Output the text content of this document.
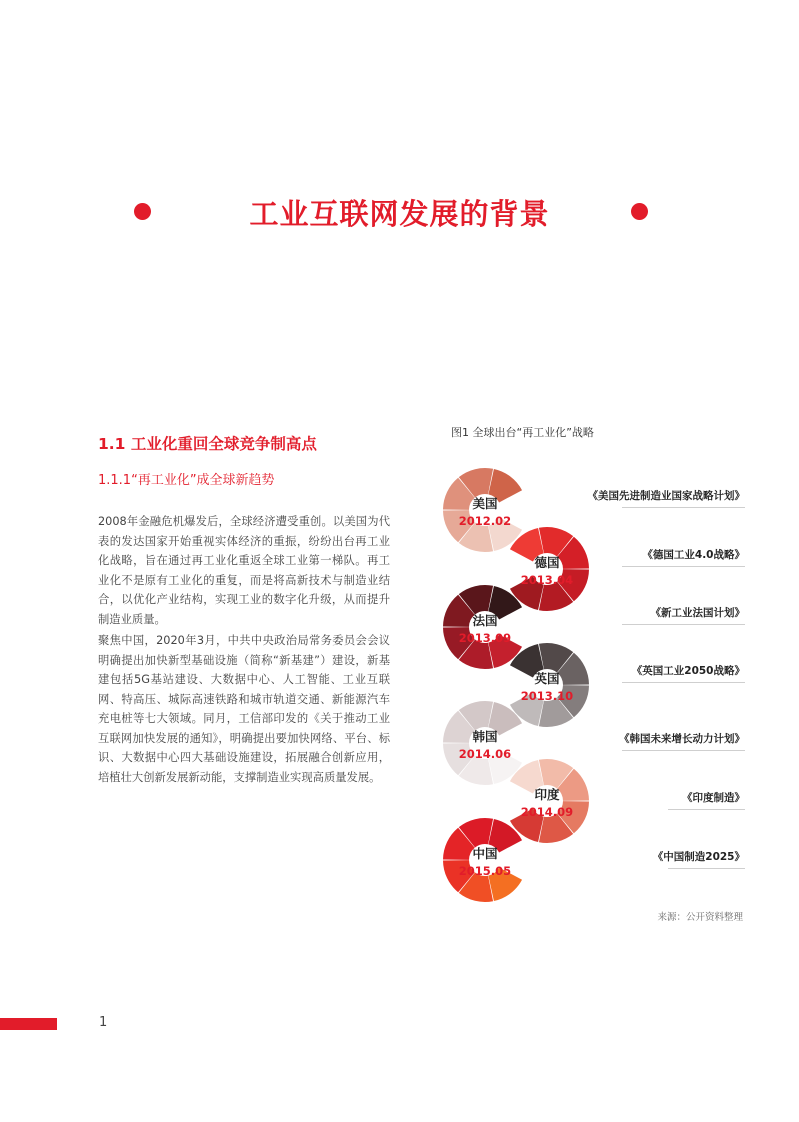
工业互联网发展的背景
1.1 工业化重回全球竞争制高点
1.1.1“再工业化”成全球新趋势

2008年金融危机爆发后，全球经济遭受重创。以美国为代表的发达国家开始重视实体经济的重振，纷纷出台再工业化战略，旨在通过再工业化重返全球工业第一梯队。再工业化不是原有工业化的重复，而是将高新技术与制造业结合，以优化产业结构，实现工业的数字化升级，从而提升制造业质量。

聚焦中国，2020年3月，中共中央政治局常务委员会会议明确提出加快新型基础设施（简称“新基建”）建设，新基建包括5G基站建设、大数据中心、人工智能、工业互联网、特高压、城际高速铁路和城市轨道交通、新能源汽车充电桩等七大领域。同月，工信部印发的《关于推动工业互联网加快发展的通知》，明确提出要加快网络、平台、标识、大数据中心四大基础设施建设，拓展融合创新应用，培植壮大创新发展新动能，支撑制造业实现高质量发展。

图1 全球出台“再工业化”战略
美国
2012.02
德国
2013.04
法国
2013.09
英国
2013.10
韩国
2014.06
印度
2014.09
中国
2015.05
《美国先进制造业国家战略计划》
《德国工业4.0战略》
《新工业法国计划》
《英国工业2050战略》
《韩国未来增长动力计划》
《印度制造》
《中国制造2025》
来源：公开资料整理
1
